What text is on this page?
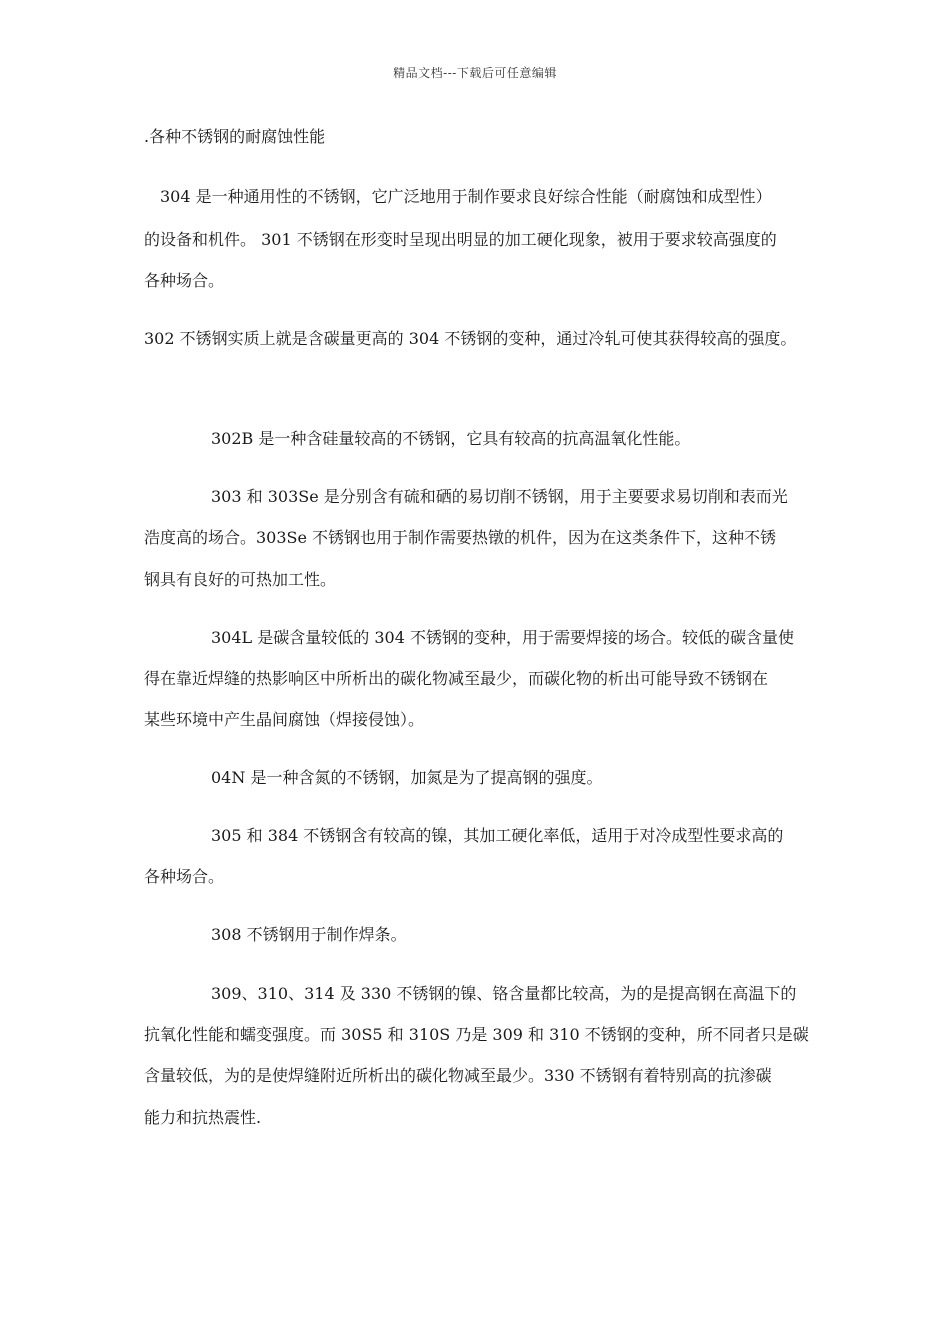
精品文档---下载后可任意编辑
.各种不锈钢的耐腐蚀性能
304 是一种通用性的不锈钢，它广泛地用于制作要求良好综合性能（耐腐蚀和成型性）
的设备和机件。 301 不锈钢在形变时呈现出明显的加工硬化现象，被用于要求较高强度的
各种场合。
302 不锈钢实质上就是含碳量更高的 304 不锈钢的变种，通过冷轧可使其获得较高的强度。
302B 是一种含硅量较高的不锈钢，它具有较高的抗高温氧化性能。
303 和 303Se 是分别含有硫和硒的易切削不锈钢，用于主要要求易切削和表而光
浩度高的场合。303Se 不锈钢也用于制作需要热镦的机件，因为在这类条件下，这种不锈
钢具有良好的可热加工性。
304L 是碳含量较低的 304 不锈钢的变种，用于需要焊接的场合。较低的碳含量使
得在靠近焊缝的热影响区中所析出的碳化物减至最少，而碳化物的析出可能导致不锈钢在
某些环境中产生晶间腐蚀（焊接侵蚀）。
04N 是一种含氮的不锈钢，加氮是为了提高钢的强度。
305 和 384 不锈钢含有较高的镍，其加工硬化率低，适用于对冷成型性要求高的
各种场合。
308 不锈钢用于制作焊条。
309、310、314 及 330 不锈钢的镍、铬含量都比较高，为的是提高钢在高温下的
抗氧化性能和蠕变强度。而 30S5 和 310S 乃是 309 和 310 不锈钢的变种，所不同者只是碳
含量较低，为的是使焊缝附近所析出的碳化物减至最少。330 不锈钢有着特别高的抗渗碳
能力和抗热震性.
